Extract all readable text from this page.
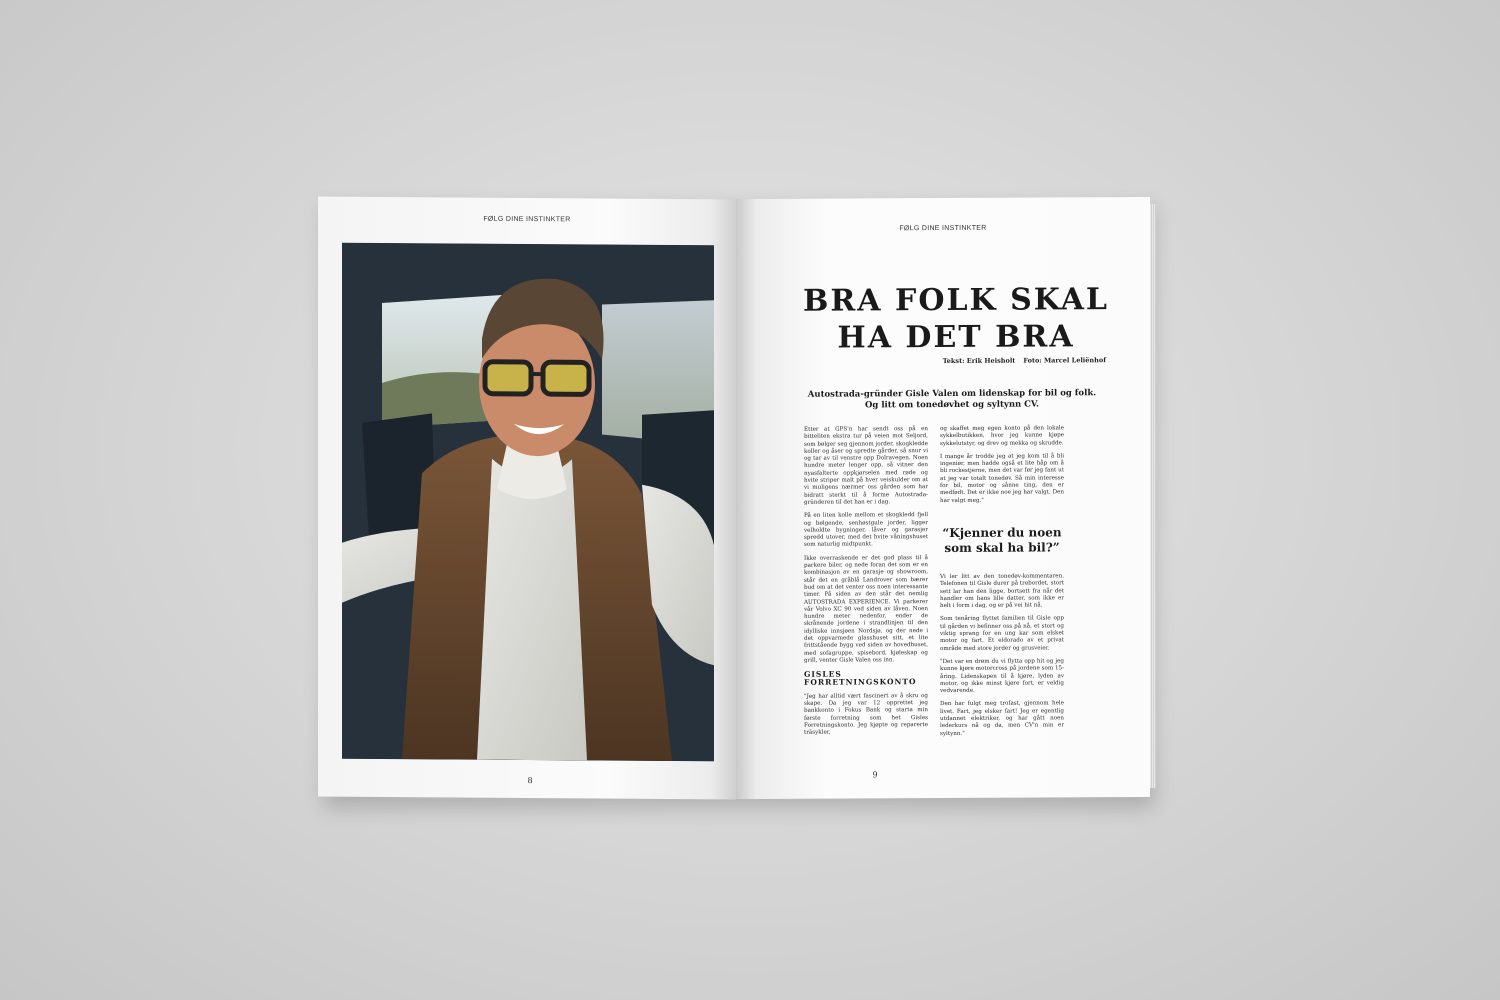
FØLG DINE INSTINKTER
8
FØLG DINE INSTINKTER
BRA FOLK SKAL
HA DET BRA
Tekst: Erik Heisholt Foto: Marcel Leliënhof
Autostrada-gründer Gisle Valen om lidenskap for bil og folk.
Og litt om tonedøvhet og syltynn CV.

Etter at GPS'n har sendt oss på en bitteliten ekstra tur på veien mot Seljord, som bølger seg gjennom jorder, skogkledde koller og åser og spredte gårder, så snur vi og tar av til venstre opp Dolravegen. Noen hundre meter lenger opp, så vitner den nyasfalterte oppkjørselen med røde og hvite striper malt på hver veiskulder om at vi muligens nærmer oss gården som har bidratt sterkt til å forme Autostrada-gründeren til det han er i dag.

På en liten kolle mellom et skogkledd fjell og bølgende, senhøstgule jorder, ligger velholdte bygninger, låver og garasjer spredd utover, med det hvite våningshuset som naturlig midtpunkt.

Ikke overraskende er det god plass til å parkere biler, og nede foran det som er en kombinasjon av en garasje og showroom, står det en gråblå Landrover som bærer bud om at det venter oss noen interessante timer. På siden av den står det nemlig AUTOSTRADA EXPERIENCE. Vi parkerer vår Volvo XC 90 ved siden av låven. Noen hundre meter nedenfor, ender de skrånende jordene i strandlinjen til den idylliske innsjøen Nordsjø, og der nede i det oppvarmede glasshuset sitt, et lite frittstående bygg ved siden av hovedhuset, med sofagruppe, spisebord, kjøleskap og grill, venter Gisle Valen oss inn.

GISLES FORRETNINGSKONTO

"Jeg har alltid vært fascinert av å skru og skape. Da jeg var 12 opprettet jeg bankkonto i Fokus Bank og starta min første forretning som het Gisles Forretningskonto. Jeg kjøpte og reparerte träsykler,

og skaffet meg egen konto på den lokale sykkelbutikken, hvor jeg kunne kjøpe sykkelutstyr, og drev og mekka og skrudde.

I mange år trodde jeg at jeg kom til å bli ingeniør, men hadde også et lite håp om å bli rockestjerne, men det var før jeg fant ut at jeg var totalt tonedøv. Så min interesse for bil, motor og sånne ting, den er medfødt. Det er ikke noe jeg har valgt. Den har valgt meg."

“Kjenner du noen som skal ha bil?”

Vi ler litt av den tonedøv-kommentaren. Telefonen til Gisle durer på trebordet, stort sett lar han den ligge, bortsett fra når det handler om hans lille datter, som ikke er helt i form i dag, og er på vei hit nå.

Som tenåring flyttet familien til Gisle opp til gården vi befinner oss på nå, et stort og viktig sprang for en ung kar som elsket motor og fart. Et eldorado av et privat område med store jorder og grusveier.

"Det var en drøm du vi flytta opp hit og jeg kunne kjøre motorcross på jordene som 15-åring. Lidenskapen til å kjøre, lyden av motor, og ikke minst kjøre fort, er veldig vedvarende.

Den har fulgt meg trofast, gjennom hele livet. Fart, jeg elsker fart! Jeg er egentlig utdannet elektriker, og har gått noen lederkurs nå og da, men CV'n min er syltynn."

9
